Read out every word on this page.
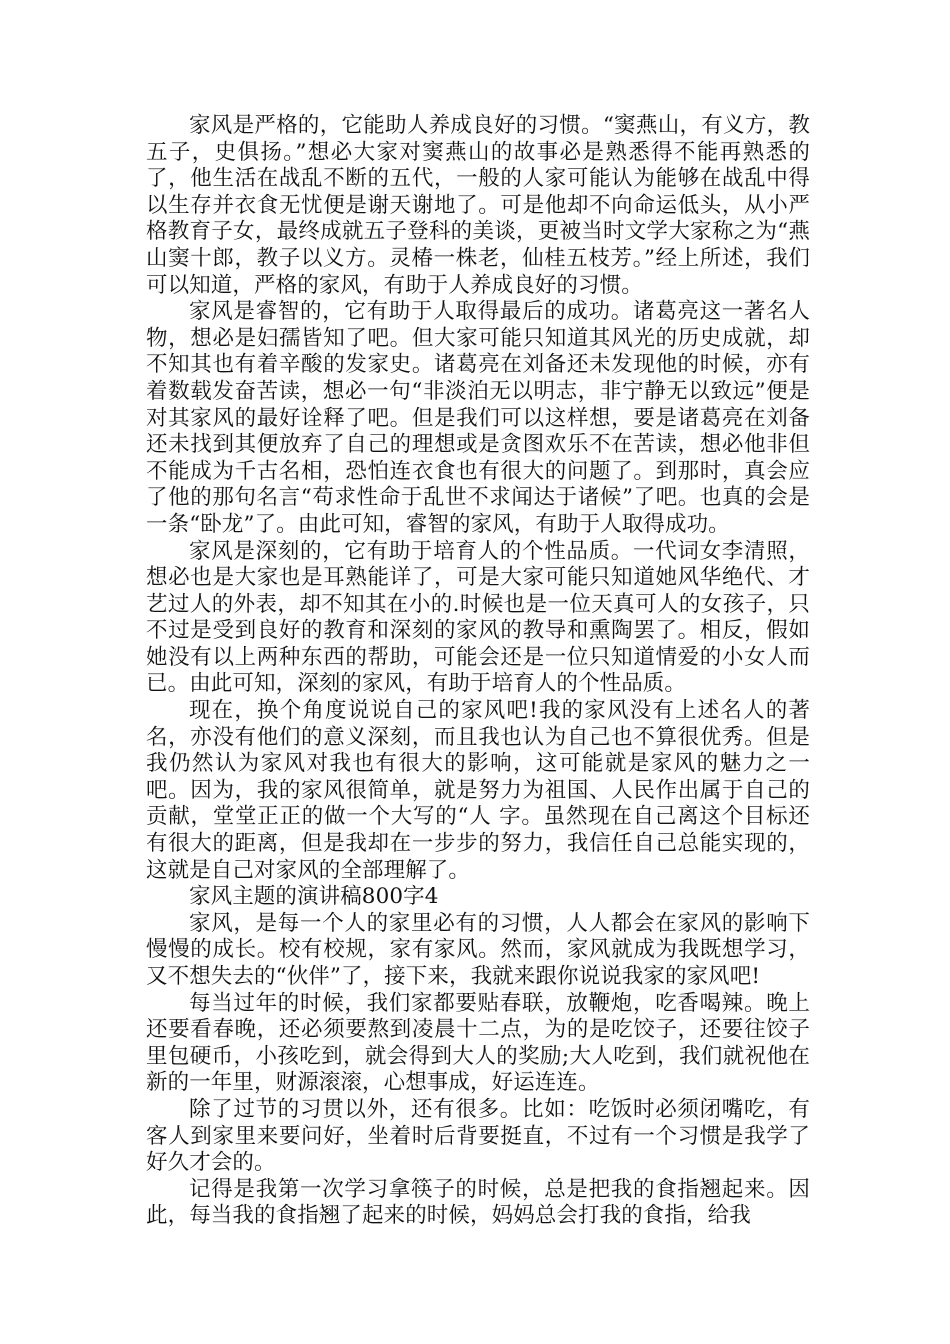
家风是严格的，它能助人养成良好的习惯。“窦燕山，有义方，教五子，史俱扬。”想必大家对窦燕山的故事必是熟悉得不能再熟悉的了，他生活在战乱不断的五代，一般的人家可能认为能够在战乱中得以生存并衣食无忧便是谢天谢地了。可是他却不向命运低头，从小严格教育子女，最终成就五子登科的美谈，更被当时文学大家称之为“燕山窦十郎，教子以义方。灵椿一株老，仙桂五枝芳。”经上所述，我们可以知道，严格的家风，有助于人养成良好的习惯。

家风是睿智的，它有助于人取得最后的成功。诸葛亮这一著名人物，想必是妇孺皆知了吧。但大家可能只知道其风光的历史成就，却不知其也有着辛酸的发家史。诸葛亮在刘备还未发现他的时候，亦有着数载发奋苦读，想必一句“非淡泊无以明志，非宁静无以致远”便是对其家风的最好诠释了吧。但是我们可以这样想，要是诸葛亮在刘备还未找到其便放弃了自己的理想或是贪图欢乐不在苦读，想必他非但不能成为千古名相，恐怕连衣食也有很大的问题了。到那时，真会应了他的那句名言“苟求性命于乱世不求闻达于诸候”了吧。也真的会是一条“卧龙”了。由此可知，睿智的家风，有助于人取得成功。

家风是深刻的，它有助于培育人的个性品质。一代词女李清照，想必也是大家也是耳熟能详了，可是大家可能只知道她风华绝代、才艺过人的外表，却不知其在小的.时候也是一位天真可人的女孩子，只不过是受到良好的教育和深刻的家风的教导和熏陶罢了。相反，假如她没有以上两种东西的帮助，可能会还是一位只知道情爱的小女人而已。由此可知，深刻的家风，有助于培育人的个性品质。

现在，换个角度说说自己的家风吧!我的家风没有上述名人的著名，亦没有他们的意义深刻，而且我也认为自己也不算很优秀。但是我仍然认为家风对我也有很大的影响，这可能就是家风的魅力之一吧。因为，我的家风很简单，就是努力为祖国、人民作出属于自己的贡献，堂堂正正的做一个大写的“人 字。虽然现在自己离这个目标还有很大的距离，但是我却在一步步的努力，我信任自己总能实现的，这就是自己对家风的全部理解了。

家风主题的演讲稿800字4

家风，是每一个人的家里必有的习惯，人人都会在家风的影响下慢慢的成长。校有校规，家有家风。然而，家风就成为我既想学习，又不想失去的“伙伴”了，接下来，我就来跟你说说我家的家风吧!

每当过年的时候，我们家都要贴春联，放鞭炮，吃香喝辣。晚上还要看春晚，还必须要熬到凌晨十二点，为的是吃饺子，还要往饺子里包硬币，小孩吃到，就会得到大人的奖励;大人吃到，我们就祝他在新的一年里，财源滚滚，心想事成，好运连连。

除了过节的习贯以外，还有很多。比如：吃饭时必须闭嘴吃，有客人到家里来要问好，坐着时后背要挺直，不过有一个习惯是我学了好久才会的。

记得是我第一次学习拿筷子的时候，总是把我的食指翘起来。因此，每当我的食指翘了起来的时候，妈妈总会打我的食指，给我
